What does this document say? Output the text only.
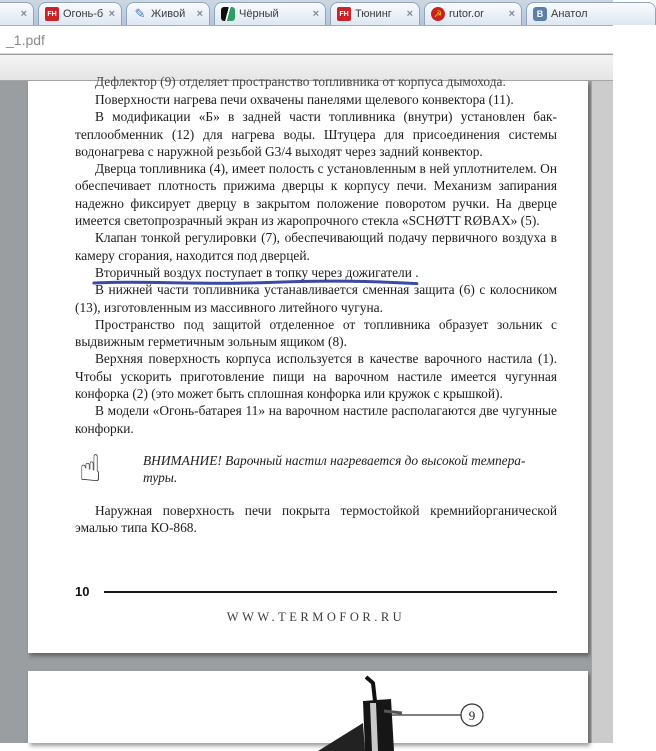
×	FH Огонь-б × ✎ Живой	×	Чёрный	×	FH Тюнинг	×	☭ rutor.or	×	B Анатол
_1.pdf

Дефлектор (9) отделяет пространство топливника от корпуса дымохода.

Поверхности нагрева печи охвачены панелями щелевого конвектора (11).

В модификации «Б» в задней части топливника (внутри) установлен бак-теплообменник (12) для нагрева воды. Штуцера для присоединения системы водонагрева с наружной резьбой G3/4 выходят через задний конвектор.

Дверца топливника (4), имеет полость с установленным в ней уплотнителем. Он обеспечивает плотность прижима дверцы к корпусу печи. Механизм запирания надежно фиксирует дверцу в закрытом положение поворотом ручки. На дверце имеется светопрозрачный экран из жаропрочного стекла «SCHØTT RØBAX» (5).

Клапан тонкой регулировки (7), обеспечивающий подачу первичного воздуха в камеру сгорания, находится под дверцей.

Вторичный воздух поступает в топку через дожигатели .

В нижней части топливника устанавливается сменная защита (6) с колосником (13), изготовленным из массивного литейного чугуна.

Пространство под защитой отделенное от топливника образует зольник с выдвижным герметичным зольным ящиком (8).

Верхняя поверхность корпуса используется в качестве варочного настила (1). Чтобы ускорить приготовление пищи на варочном настиле имеется чугунная конфорка (2) (это может быть сплошная конфорка или кружок с крышкой).

В модели «Огонь-батарея 11» на варочном настиле располагаются две чугунные конфорки.

☝	ВНИМАНИЕ! Варочный настил нагревается до высокой темпера-
туры.

Наружная поверхность печи покрыта термостойкой кремнийорганической эмалью типа КО-868.

10
WWW.TERMOFOR.RU
9
